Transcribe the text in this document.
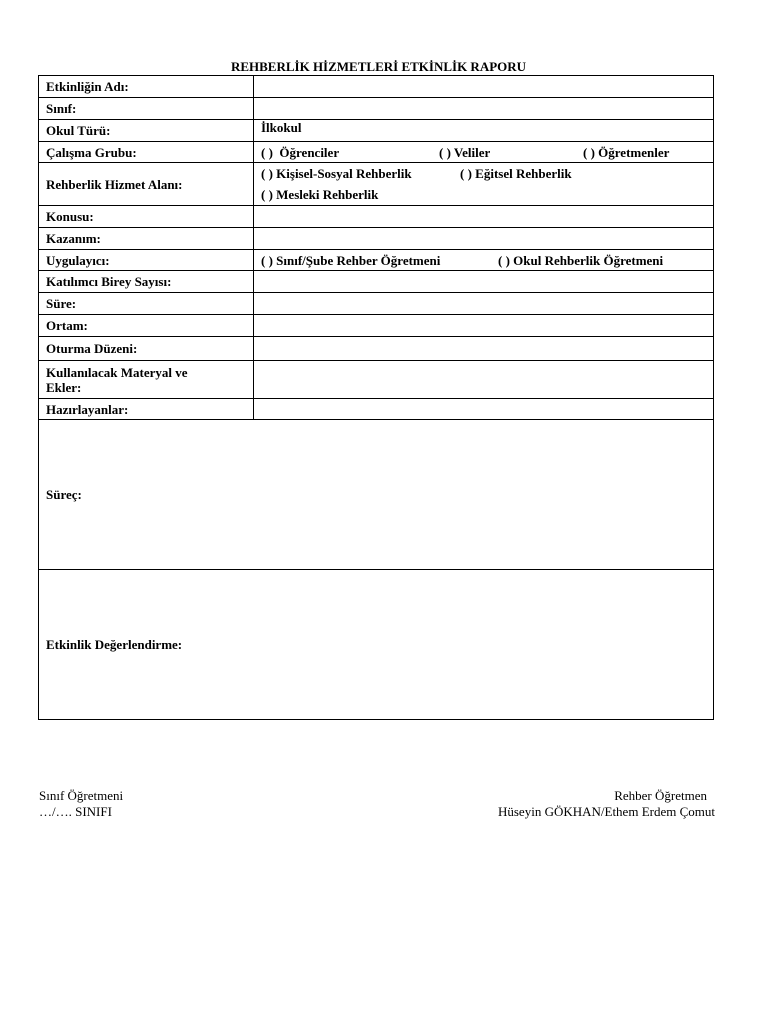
REHBERLİK HİZMETLERİ ETKİNLİK RAPORU
Etkinliğin Adı:	
Sınıf:	
Okul Türü:	İlkokul
Çalışma Grubu:	( )  Öğrenciler ( ) Veliler ( ) Öğretmenler
Rehberlik Hizmet Alanı:	( ) Kişisel-Sosyal Rehberlik ( ) Eğitsel Rehberlik
( ) Mesleki Rehberlik
Konusu:	
Kazanım:	
Uygulayıcı:	( ) Sınıf/Şube Rehber Öğretmeni ( ) Okul Rehberlik Öğretmeni
Katılımcı Birey Sayısı:	
Süre:	
Ortam:	
Oturma Düzeni:	
Kullanılacak Materyal ve Ekler:	
Hazırlayanlar:	
Süreç:	
Etkinlik Değerlendirme:	
Sınıf Öğretmeni
…/…. SINIFI
Rehber Öğretmen
Hüseyin GÖKHAN/Ethem Erdem Çomut
